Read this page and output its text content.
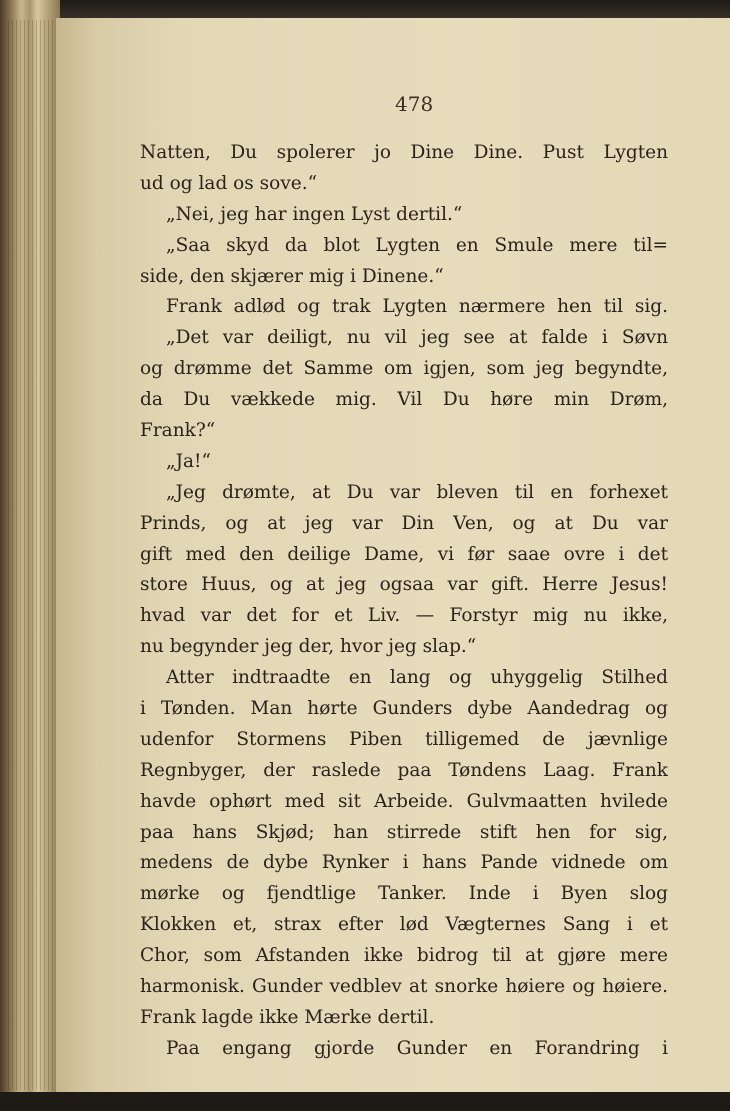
478
Natten, Du spolerer jo Dine Dine. Pust Lygten
ud og lad os sove.“
„Nei, jeg har ingen Lyst dertil.“
„Saa skyd da blot Lygten en Smule mere til=
side, den skjærer mig i Dinene.“
Frank adlød og trak Lygten nærmere hen til sig.
„Det var deiligt, nu vil jeg see at falde i Søvn
og drømme det Samme om igjen, som jeg begyndte,
da Du vækkede mig. Vil Du høre min Drøm,
Frank?“
„Ja!“
„Jeg drømte, at Du var bleven til en forhexet
Prinds, og at jeg var Din Ven, og at Du var
gift med den deilige Dame, vi før saae ovre i det
store Huus, og at jeg ogsaa var gift. Herre Jesus!
hvad var det for et Liv. — Forstyr mig nu ikke,
nu begynder jeg der, hvor jeg slap.“
Atter indtraadte en lang og uhyggelig Stilhed
i Tønden. Man hørte Gunders dybe Aandedrag og
udenfor Stormens Piben tilligemed de jævnlige
Regnbyger, der raslede paa Tøndens Laag. Frank
havde ophørt med sit Arbeide. Gulvmaatten hvilede
paa hans Skjød; han stirrede stift hen for sig,
medens de dybe Rynker i hans Pande vidnede om
mørke og fjendtlige Tanker. Inde i Byen slog
Klokken et, strax efter lød Vægternes Sang i et
Chor, som Afstanden ikke bidrog til at gjøre mere
harmonisk. Gunder vedblev at snorke høiere og høiere.
Frank lagde ikke Mærke dertil.
Paa engang gjorde Gunder en Forandring i
